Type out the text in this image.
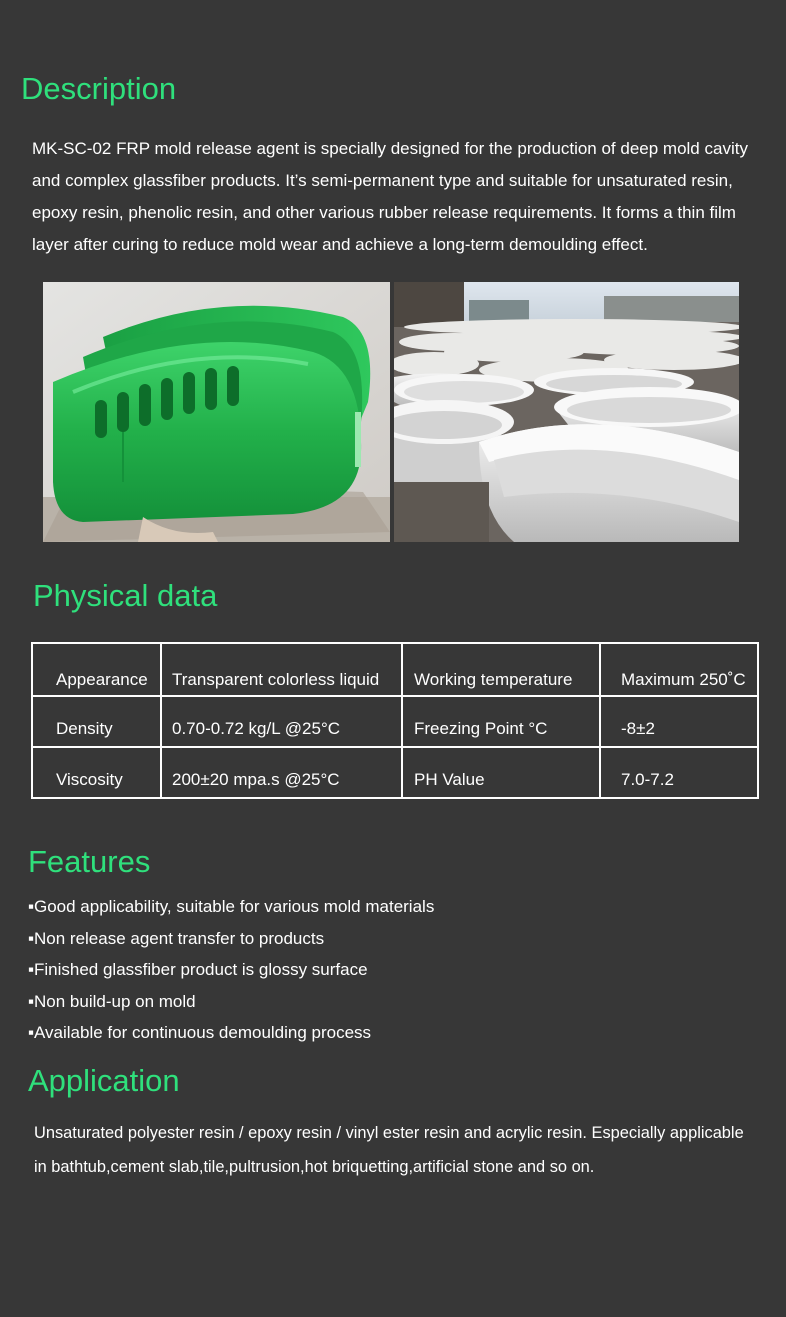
Description
MK-SC-02 FRP mold release agent is specially designed for the production of deep mold cavity
and complex glassfiber products. It’s semi-permanent type and suitable for unsaturated resin,
epoxy resin, phenolic resin, and other various rubber release requirements. It forms a thin film
layer after curing to reduce mold wear and achieve a long-term demoulding effect.
Physical data
Appearance	Transparent colorless liquid	Working temperature	Maximum 250˚C
Density	0.70-0.72 kg/L @25°C	Freezing Point °C	-8±2
Viscosity	200±20 mpa.s @25°C	PH Value	7.0-7.2
Features
▪Good applicability, suitable for various mold materials
▪Non release agent transfer to products
▪Finished glassfiber product is glossy surface
▪Non build-up on mold
▪Available for continuous demoulding process
Application
Unsaturated polyester resin / epoxy resin / vinyl ester resin and acrylic resin. Especially applicable
in bathtub,cement slab,tile,pultrusion,hot briquetting,artificial stone and so on.
